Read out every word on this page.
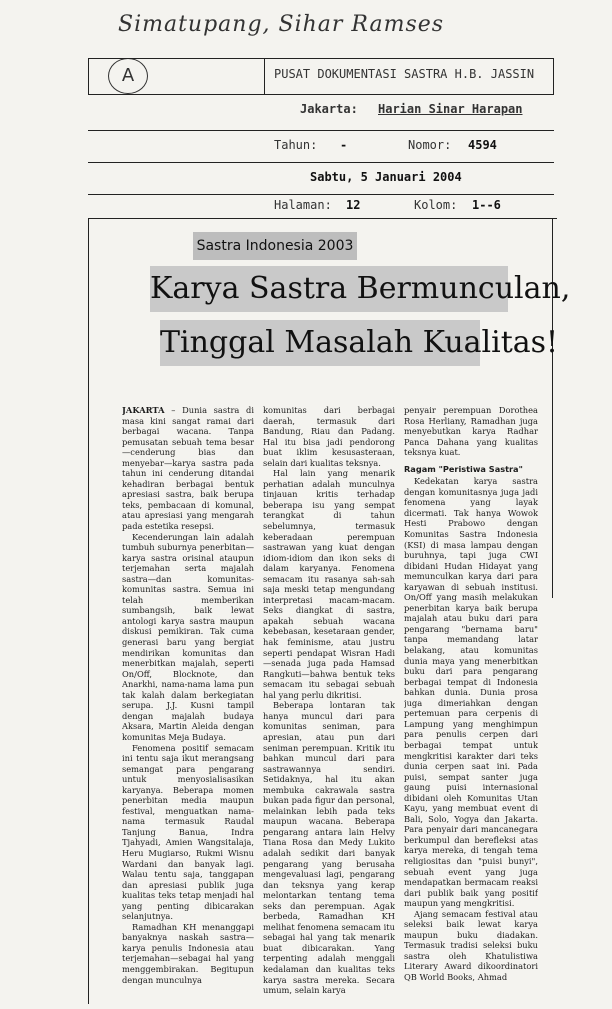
Simatupang, Sihar Ramses
A	PUSAT DOKUMENTASI SASTRA H.B. JASSIN
Jakarta: Harian Sinar Harapan
Tahun: -	Nomor: 4594
Sabtu, 5 Januari 2004
Halaman: 12	Kolom: 1--6
Sastra Indonesia 2003
Karya Sastra Bermunculan,
Tinggal Masalah Kualitas!

JAKARTA – Dunia sastra di masa kini sangat ramai dari berbagai wacana. Tanpa pemusatan sebuah tema besar—cenderung bias dan menyebar—karya sastra pada tahun ini cenderung ditandai kehadiran berbagai bentuk apresiasi sastra, baik berupa teks, pembacaan di komunal, atau apresiasi yang mengarah pada estetika resepsi.

Kecenderungan lain adalah tumbuh suburnya penerbitan—karya sastra orisinal ataupun terjemahan serta majalah sastra—dan komunitas-komunitas sastra. Semua ini telah memberikan sumbangsih, baik lewat antologi karya sastra maupun diskusi pemikiran. Tak cuma generasi baru yang bergiat mendirikan komunitas dan menerbitkan majalah, seperti On/Off, Blocknote, dan Anarkhi, nama-nama lama pun tak kalah dalam berkegiatan serupa. J.J. Kusni tampil dengan majalah budaya Aksara, Martin Aleida dengan komunitas Meja Budaya.

Fenomena positif semacam ini tentu saja ikut merangsang semangat para pengarang untuk menyosialisasikan karyanya. Beberapa momen penerbitan media maupun festival, menguatkan nama-nama termasuk Raudal Tanjung Banua, Indra Tjahyadi, Amien Wangsitalaja, Heru Mugiarso, Rukmi Wisnu Wardani dan banyak lagi. Walau tentu saja, tanggapan dan apresiasi publik juga kualitas teks tetap menjadi hal yang penting dibicarakan selanjutnya.

Ramadhan KH menanggapi banyaknya naskah sastra—karya penulis Indonesia atau terjemahan—sebagai hal yang menggembirakan. Begitupun dengan munculnya

komunitas dari berbagai daerah, termasuk dari Bandung, Riau dan Padang. Hal itu bisa jadi pendorong buat iklim kesusasteraan, selain dari kualitas teksnya.

Hal lain yang menarik perhatian adalah munculnya tinjauan kritis terhadap beberapa isu yang sempat terangkat di tahun sebelumnya, termasuk keberadaan perempuan sastrawan yang kuat dengan idiom-idiom dan ikon seks di dalam karyanya. Fenomena semacam itu rasanya sah-sah saja meski tetap mengundang interpretasi macam-macam. Seks diangkat di sastra, apakah sebuah wacana kebebasan, kesetaraan gender, hak feminisme, atau justru seperti pendapat Wisran Hadi—senada juga pada Hamsad Rangkuti—bahwa bentuk teks semacam itu sebagai sebuah hal yang perlu dikritisi.

Beberapa lontaran tak hanya muncul dari para komunitas seniman, para apresian, atau pun dari seniman perempuan. Kritik itu bahkan muncul dari para sastrawannya sendiri. Setidaknya, hal itu akan membuka cakrawala sastra bukan pada figur dan personal, melainkan lebih pada teks maupun wacana. Beberapa pengarang antara lain Helvy Tiana Rosa dan Medy Lukito adalah sedikit dari banyak pengarang yang berusaha mengevaluasi lagi, pengarang dan teksnya yang kerap melontarkan tentang tema seks dan perempuan. Agak berbeda, Ramadhan KH melihat fenomena semacam itu sebagai hal yang tak menarik buat dibicarakan. Yang terpenting adalah menggali kedalaman dan kualitas teks karya sastra mereka. Secara umum, selain karya

penyair perempuan Dorothea Rosa Herliany, Ramadhan juga menyebutkan karya Radhar Panca Dahana yang kualitas teksnya kuat.

Ragam "Peristiwa Sastra"

Kedekatan karya sastra dengan komunitasnya juga jadi fenomena yang layak dicermati. Tak hanya Wowok Hesti Prabowo dengan Komunitas Sastra Indonesia (KSI) di masa lampau dengan buruhnya, tapi juga CWI dibidani Hudan Hidayat yang memunculkan karya dari para karyawan di sebuah institusi. On/Off yang masih melakukan penerbitan karya baik berupa majalah atau buku dari para pengarang "bernama baru" tanpa memandang latar belakang, atau komunitas dunia maya yang menerbitkan buku dari para pengarang berbagai tempat di Indonesia bahkan dunia. Dunia prosa juga dimeriahkan dengan pertemuan para cerpenis di Lampung yang menghimpun para penulis cerpen dari berbagai tempat untuk mengkritisi karakter dari teks dunia cerpen saat ini. Pada puisi, sempat santer juga gaung puisi internasional dibidani oleh Komunitas Utan Kayu, yang membuat event di Bali, Solo, Yogya dan Jakarta. Para penyair dari mancanegara berkumpul dan berefleksi atas karya mereka, di tengah tema religiositas dan "puisi bunyi", sebuah event yang juga mendapatkan bermacam reaksi dari publik baik yang positif maupun yang mengkritisi.

Ajang semacam festival atau seleksi baik lewat karya maupun buku diadakan. Termasuk tradisi seleksi buku sastra oleh Khatulistiwa Literary Award dikoordinatori QB World Books, Ahmad
